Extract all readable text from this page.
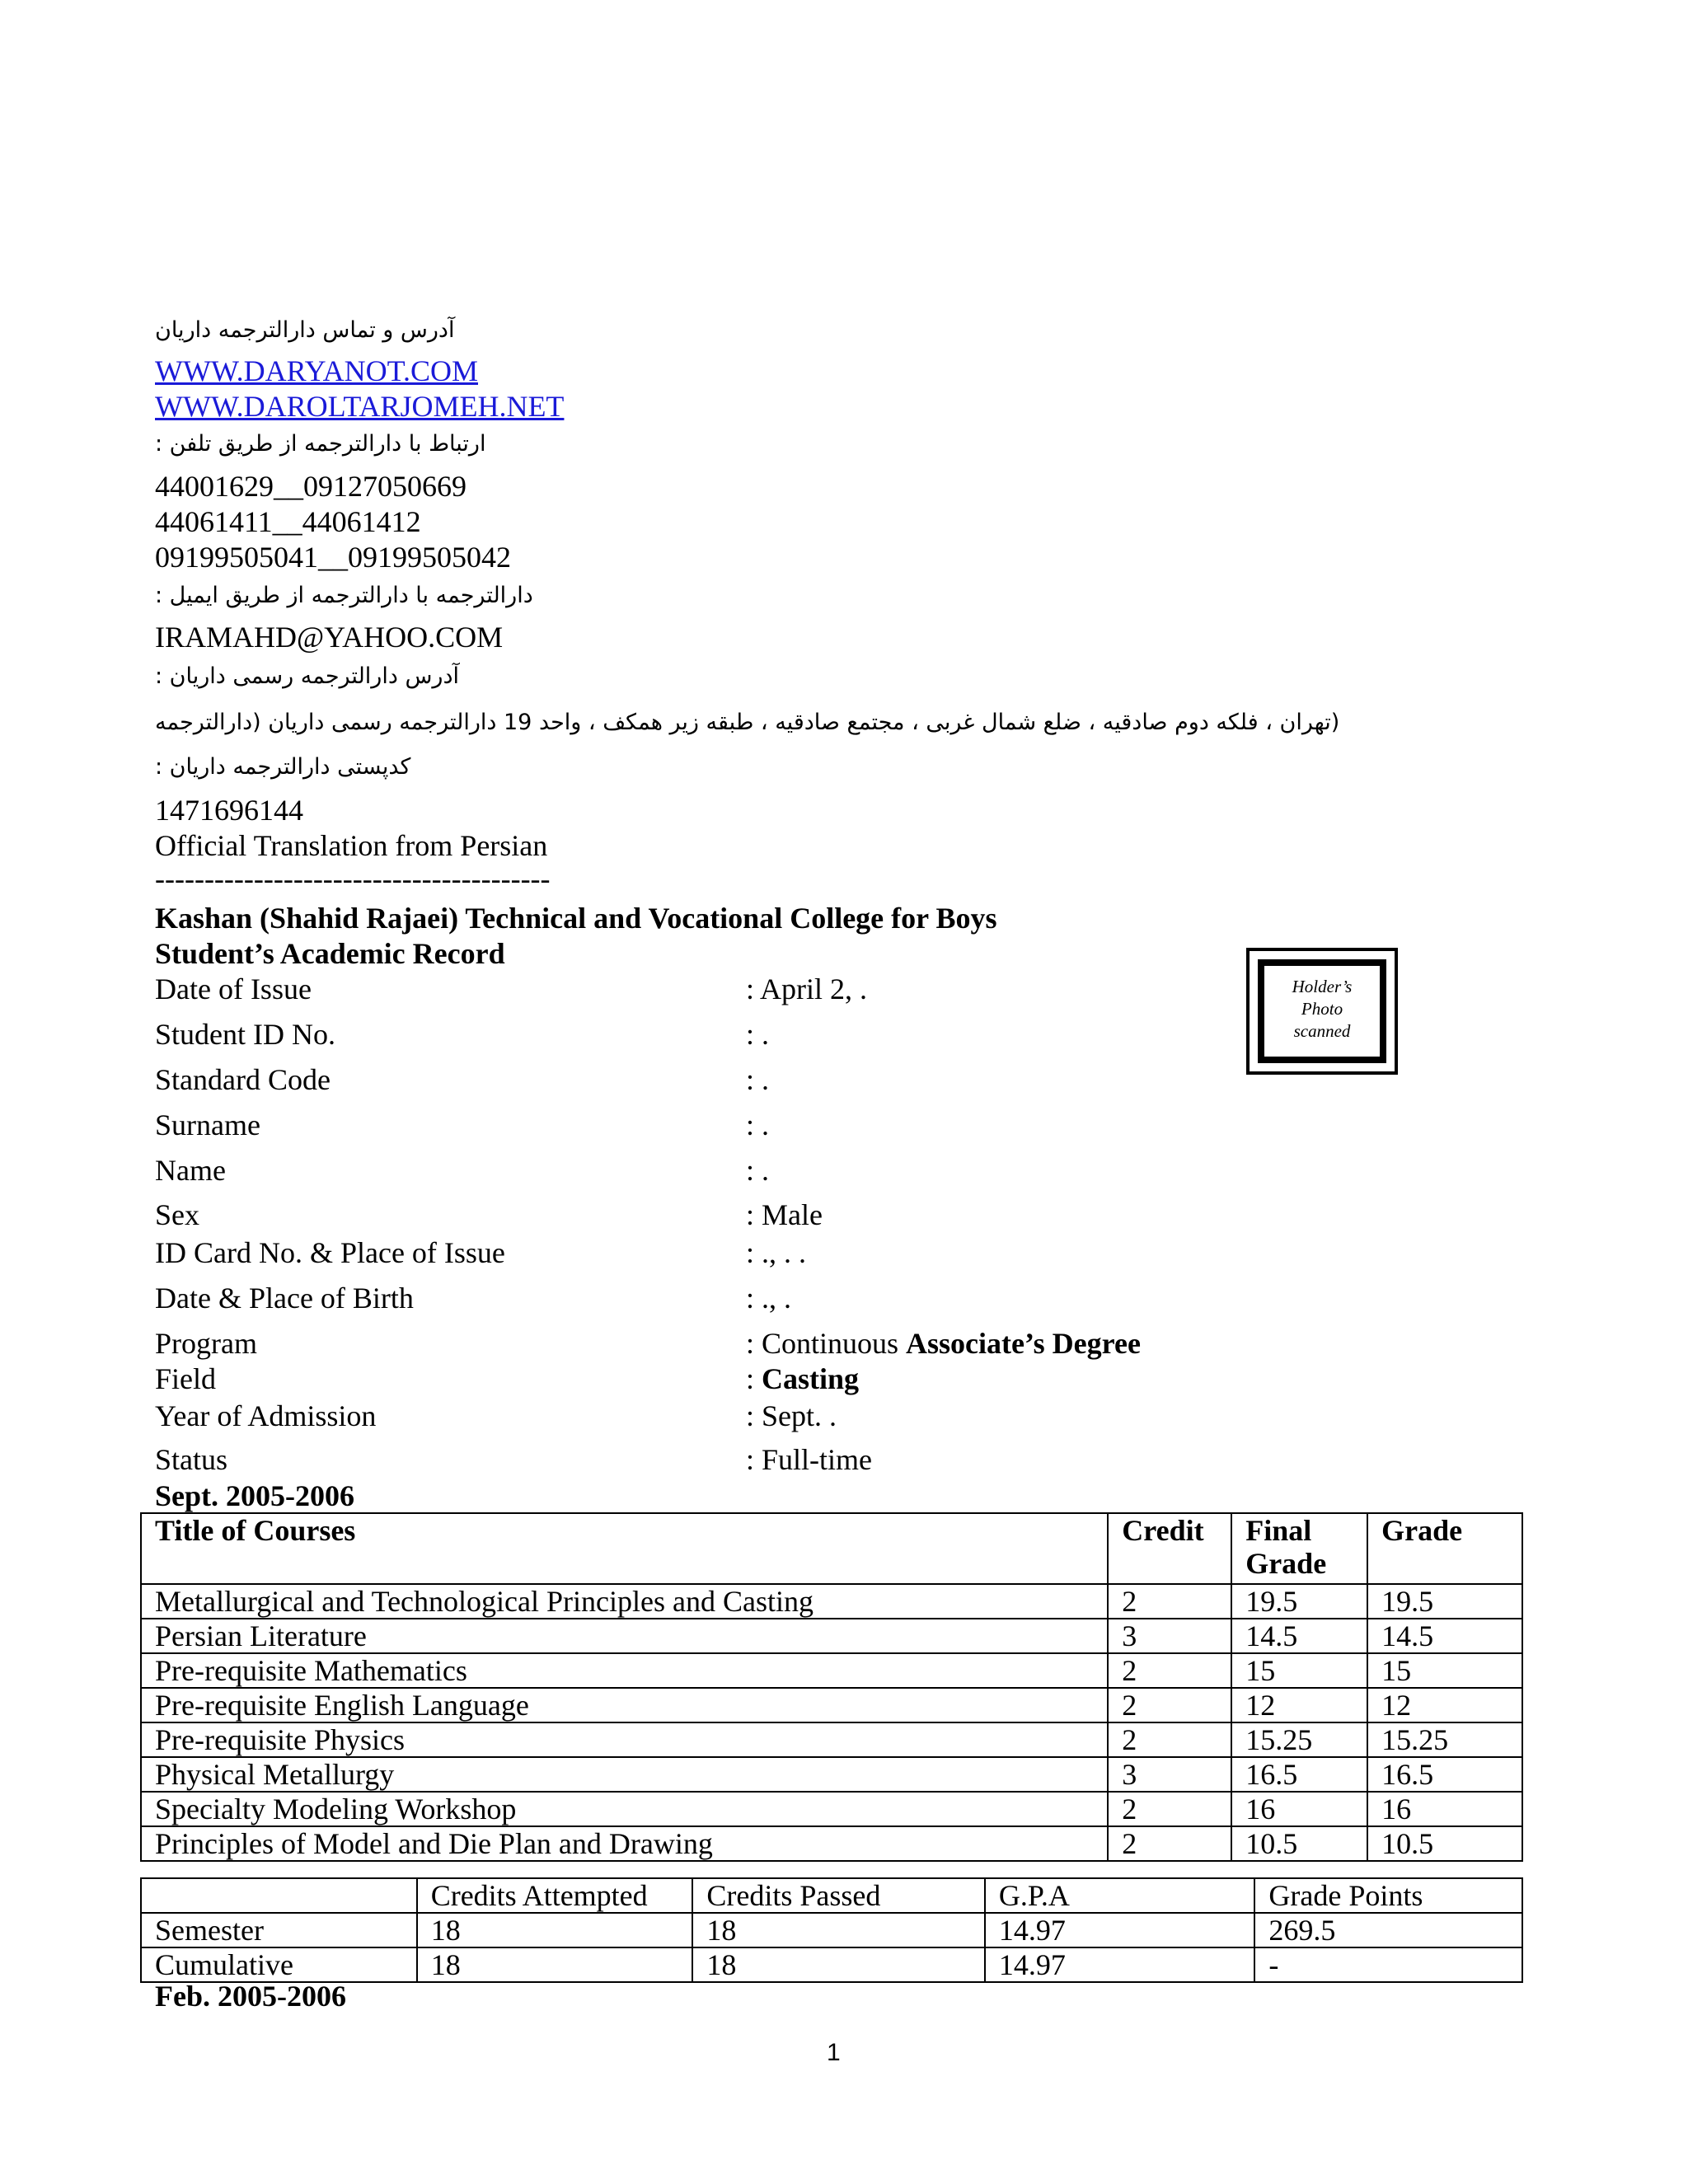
آدرس و تماس دارالترجمه داریان
WWW.DARYANOT.COM
WWW.DAROLTARJOMEH.NET
ارتباط با دارالترجمه از طریق تلفن :
44001629__09127050669
44061411__44061412
09199505041__09199505042
دارالترجمه با دارالترجمه از طریق ایمیل :
IRAMAHD@YAHOO.COM
آدرس دارالترجمه رسمی داریان :
(تهران ، فلکه دوم صادقیه ، ضلع شمال غربی ، مجتمع صادقیه ، طبقه زیر همکف ، واحد 19 دارالترجمه رسمی داریان (دارالترجمه
کدپستی دارالترجمه داریان :
1471696144
Official Translation from Persian
----------------------------------------
Kashan (Shahid Rajaei) Technical and Vocational College for Boys
Student’s Academic Record
Holder’s
Photo
scanned
Date of Issue	: April 2, .
Student ID No.	: .
Standard Code	: .
Surname	: .
Name	: .
Sex	: Male
ID Card No. & Place of Issue	: ., . .
Date & Place of Birth	: ., .
Program	: Continuous Associate’s Degree
Field	: Casting
Year of Admission	: Sept. .
Status	: Full-time
Sept. 2005-2006
Title of Courses	Credit	Final Grade	Grade
Metallurgical and Technological Principles and Casting	2	19.5	19.5
Persian Literature	3	14.5	14.5
Pre-requisite Mathematics	2	15	15
Pre-requisite English Language	2	12	12
Pre-requisite Physics	2	15.25	15.25
Physical Metallurgy	3	16.5	16.5
Specialty Modeling Workshop	2	16	16
Principles of Model and Die Plan and Drawing	2	10.5	10.5
	Credits Attempted	Credits Passed	G.P.A	Grade Points
Semester	18	18	14.97	269.5
Cumulative	18	18	14.97	-
Feb. 2005-2006
1
